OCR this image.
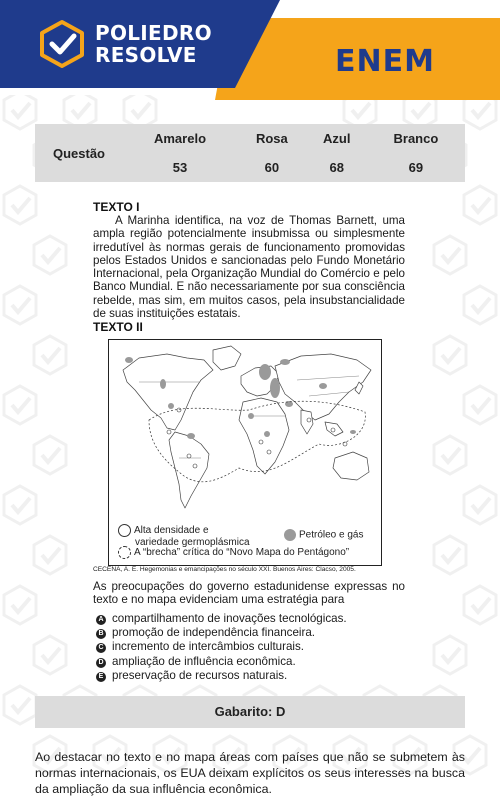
POLIEDRO
RESOLVE	ENEM
Questão	Amarelo	Rosa	Azul	Branco
	53	60	68	69

TEXTO I

A Marinha identifica, na voz de Thomas Barnett, uma ampla região potencialmente insubmissa ou simplesmente irredutível às normas gerais de funcionamento promovidas pelos Estados Unidos e sancionadas pelo Fundo Monetário Internacional, pela Organização Mundial do Comércio e pelo Banco Mundial. E não necessariamente por sua consciência rebelde, mas sim, em muitos casos, pela insubstancialidade de suas instituições estatais.

TEXTO II

Alta densidade e
variedade germoplásmica
Petróleo e gás
A “brecha” crítica do “Novo Mapa do Pentágono”
CECEÑA, A. E. Hegemonias e emancipações no século XXI. Buenos Aires: Clacso, 2005.

As preocupações do governo estadunidense expressas no texto e no mapa evidenciam uma estratégia para

A compartilhamento de inovações tecnológicas.
B promoção de independência financeira.
C incremento de intercâmbios culturais.
D ampliação de influência econômica.
E preservação de recursos naturais.
Gabarito: D

Ao destacar no texto e no mapa áreas com países que não se submetem às normas internacionais, os EUA deixam explícitos os seus interesses na busca da ampliação da sua influência econômica.
